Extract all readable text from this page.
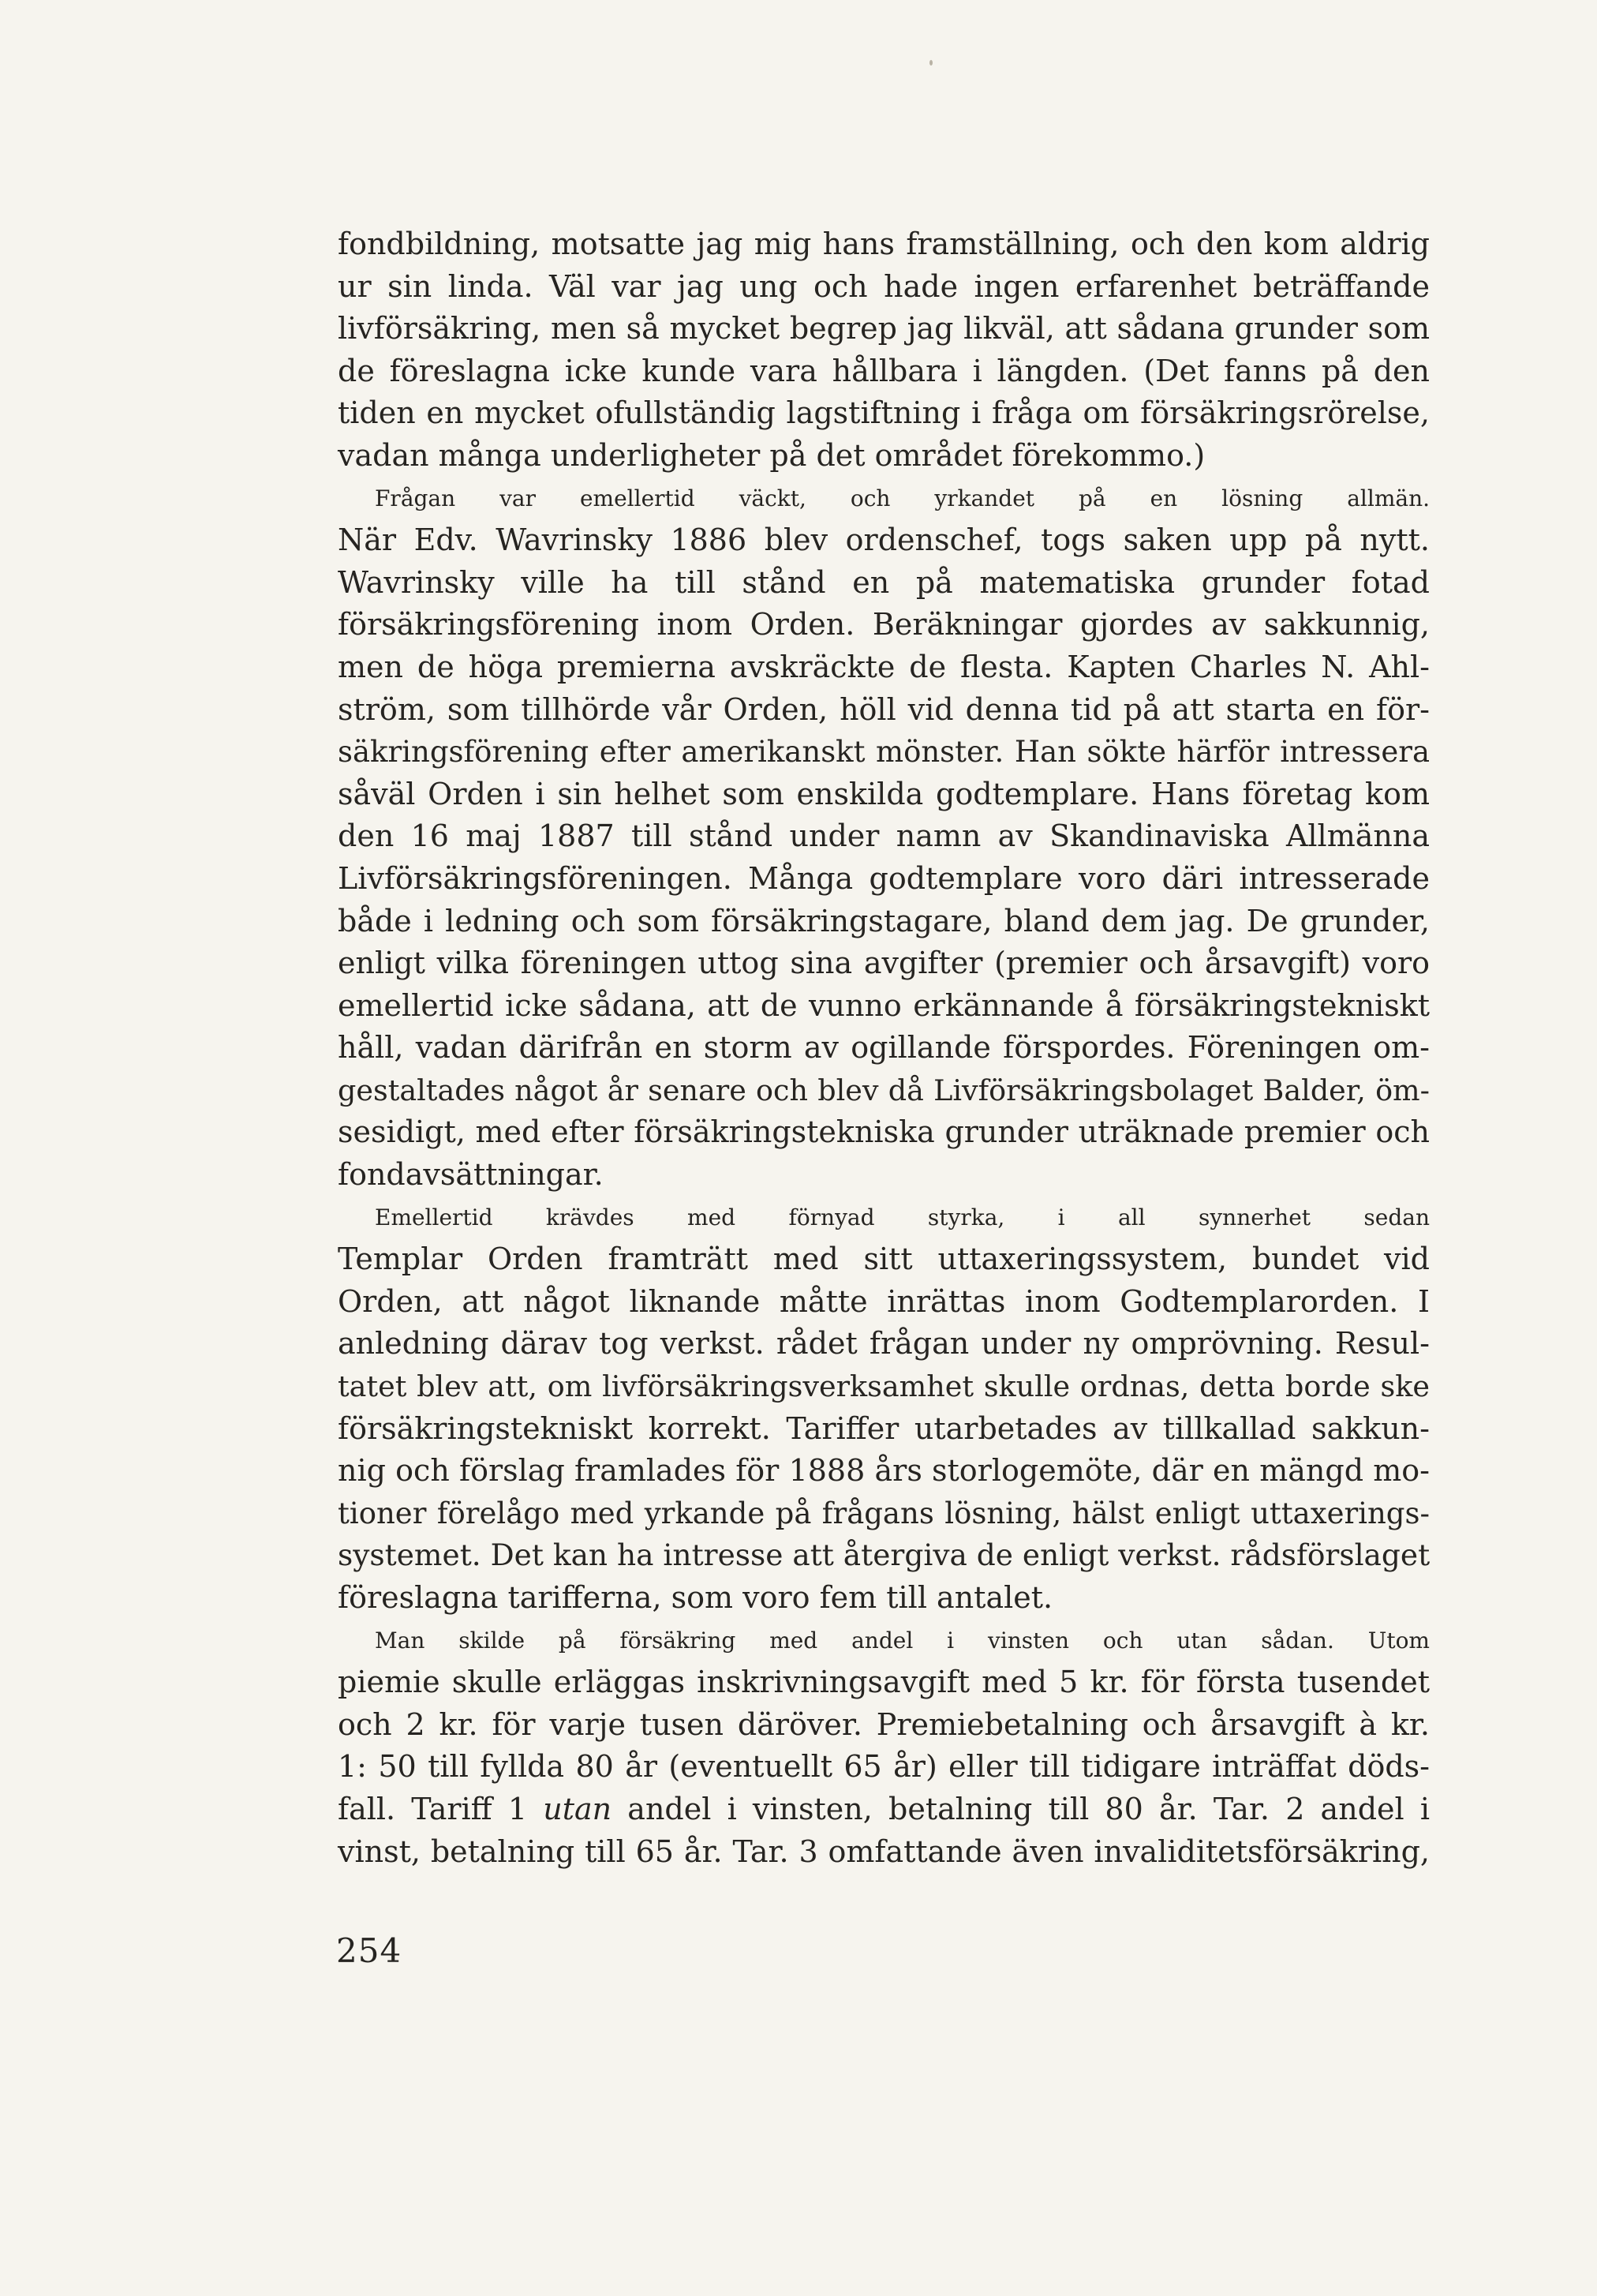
fondbildning, motsatte jag mig hans framställning, och den kom aldrig
ur sin linda. Väl var jag ung och hade ingen erfarenhet beträffande
livförsäkring, men så mycket begrep jag likväl, att sådana grunder som
de föreslagna icke kunde vara hållbara i längden. (Det fanns på den
tiden en mycket ofullständig lagstiftning i fråga om försäkringsrörelse,
vadan många underligheter på det området förekommo.)
Frågan var emellertid väckt, och yrkandet på en lösning allmän.
När Edv. Wavrinsky 1886 blev ordenschef, togs saken upp på nytt.
Wavrinsky ville ha till stånd en på matematiska grunder fotad
försäkringsförening inom Orden. Beräkningar gjordes av sakkunnig,
men de höga premierna avskräckte de flesta. Kapten Charles N. Ahl-
ström, som tillhörde vår Orden, höll vid denna tid på att starta en för-
säkringsförening efter amerikanskt mönster. Han sökte härför intressera
såväl Orden i sin helhet som enskilda godtemplare. Hans företag kom
den 16 maj 1887 till stånd under namn av Skandinaviska Allmänna
Livförsäkringsföreningen. Många godtemplare voro däri intresserade
både i ledning och som försäkringstagare, bland dem jag. De grunder,
enligt vilka föreningen uttog sina avgifter (premier och årsavgift) voro
emellertid icke sådana, att de vunno erkännande å försäkringstekniskt
håll, vadan därifrån en storm av ogillande förspordes. Föreningen om-
gestaltades något år senare och blev då Livförsäkringsbolaget Balder, öm-
sesidigt, med efter försäkringstekniska grunder uträknade premier och
fondavsättningar.
Emellertid krävdes med förnyad styrka, i all synnerhet sedan
Templar Orden framträtt med sitt uttaxeringssystem, bundet vid
Orden, att något liknande måtte inrättas inom Godtemplarorden. I
anledning därav tog verkst. rådet frågan under ny omprövning. Resul-
tatet blev att, om livförsäkringsverksamhet skulle ordnas, detta borde ske
försäkringstekniskt korrekt. Tariffer utarbetades av tillkallad sakkun-
nig och förslag framlades för 1888 års storlogemöte, där en mängd mo-
tioner förelågo med yrkande på frågans lösning, hälst enligt uttaxerings-
systemet. Det kan ha intresse att återgiva de enligt verkst. rådsförslaget
föreslagna tarifferna, som voro fem till antalet.
Man skilde på försäkring med andel i vinsten och utan sådan. Utom
piemie skulle erläggas inskrivningsavgift med 5 kr. för första tusendet
och 2 kr. för varje tusen däröver. Premiebetalning och årsavgift à kr.
1: 50 till fyllda 80 år (eventuellt 65 år) eller till tidigare inträffat döds-
fall. Tariff 1 utan andel i vinsten, betalning till 80 år. Tar. 2 andel i
vinst, betalning till 65 år. Tar. 3 omfattande även invaliditetsförsäkring,
254
